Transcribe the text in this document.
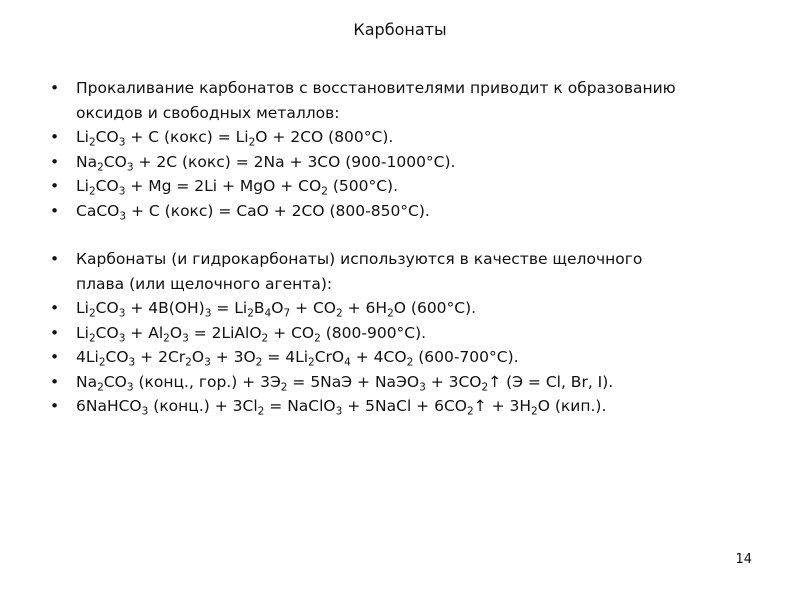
Карбонаты
• Прокаливание карбонатов с восстановителями приводит к образованию
оксидов и свободных металлов:
• $Li_2CO_3 + C$ (кокс) = $Li_2O + 2CO$ (800°C).
• $Na_2CO_3 + 2C$ (кокс) = 2Na + 3CO (900-1000°C).
• $Li_2CO_3 + Mg = 2Li$ + MgO + $CO_2$ (500°C).
• CaCO$_3$ + C (кокс) = CaO + 2CO (800-850°C).
• Карбонаты (и гидрокарбонаты) используются в качестве щелочного
плава (или щелочного агента):
• $Li_2CO_3 + 4B(OH)_3 = Li_2B_4O_7 + CO_2 + 6H_2O$ (600°C).
• $Li_2CO_3 + Al_2O_3$ = 2LiAlO$_2$ + $CO_2$ (800-900°C).
• $4Li_2CO_3 + 2Cr_2O_3 + 3O_2 = 4Li_2CrO_4 + 4CO_2$ (600-700°C).
• $Na_2CO_3$ (конц., $гор.) + 3Э_2 = 5NaЭ$ + NaЭO$_3$ + $3CO_2↑$ (Э = Cl, Br, I).
• 6NaHCO$_3$ (конц.) + $3Cl_2$ = NaClO$_3$ + 5NaCl + $6CO_2↑ + 3H_2O$ (кип.).
14
